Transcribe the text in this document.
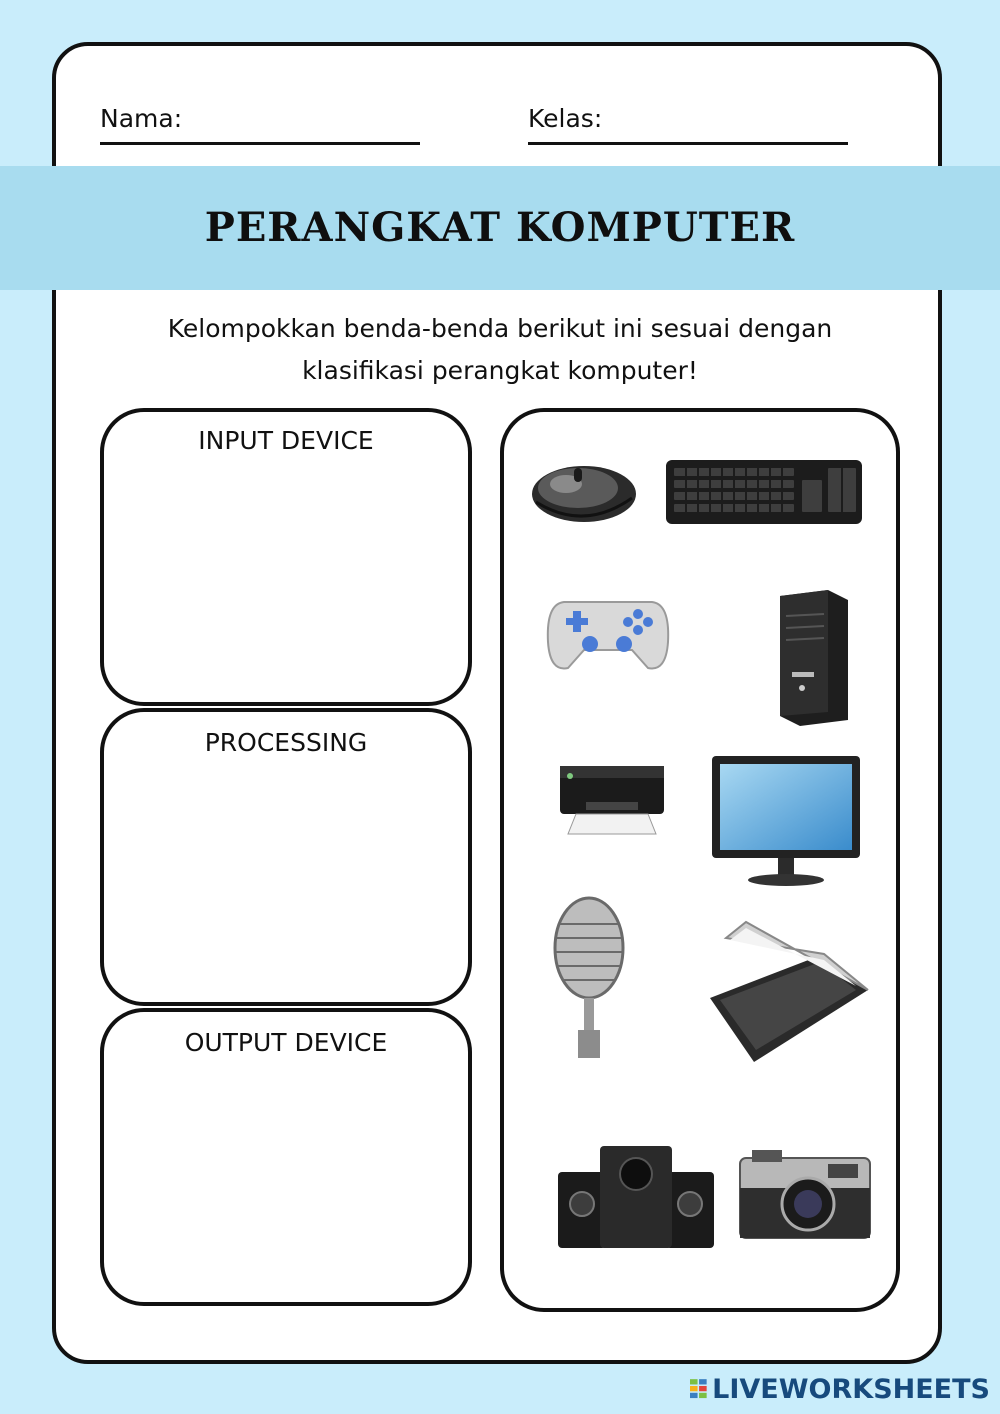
Nama:	Kelas:
PERANGKAT KOMPUTER
Kelompokkan benda-benda berikut ini sesuai dengan
klasifikasi perangkat komputer!
INPUT DEVICE
PROCESSING
OUTPUT DEVICE
LIVEWORKSHEETS
